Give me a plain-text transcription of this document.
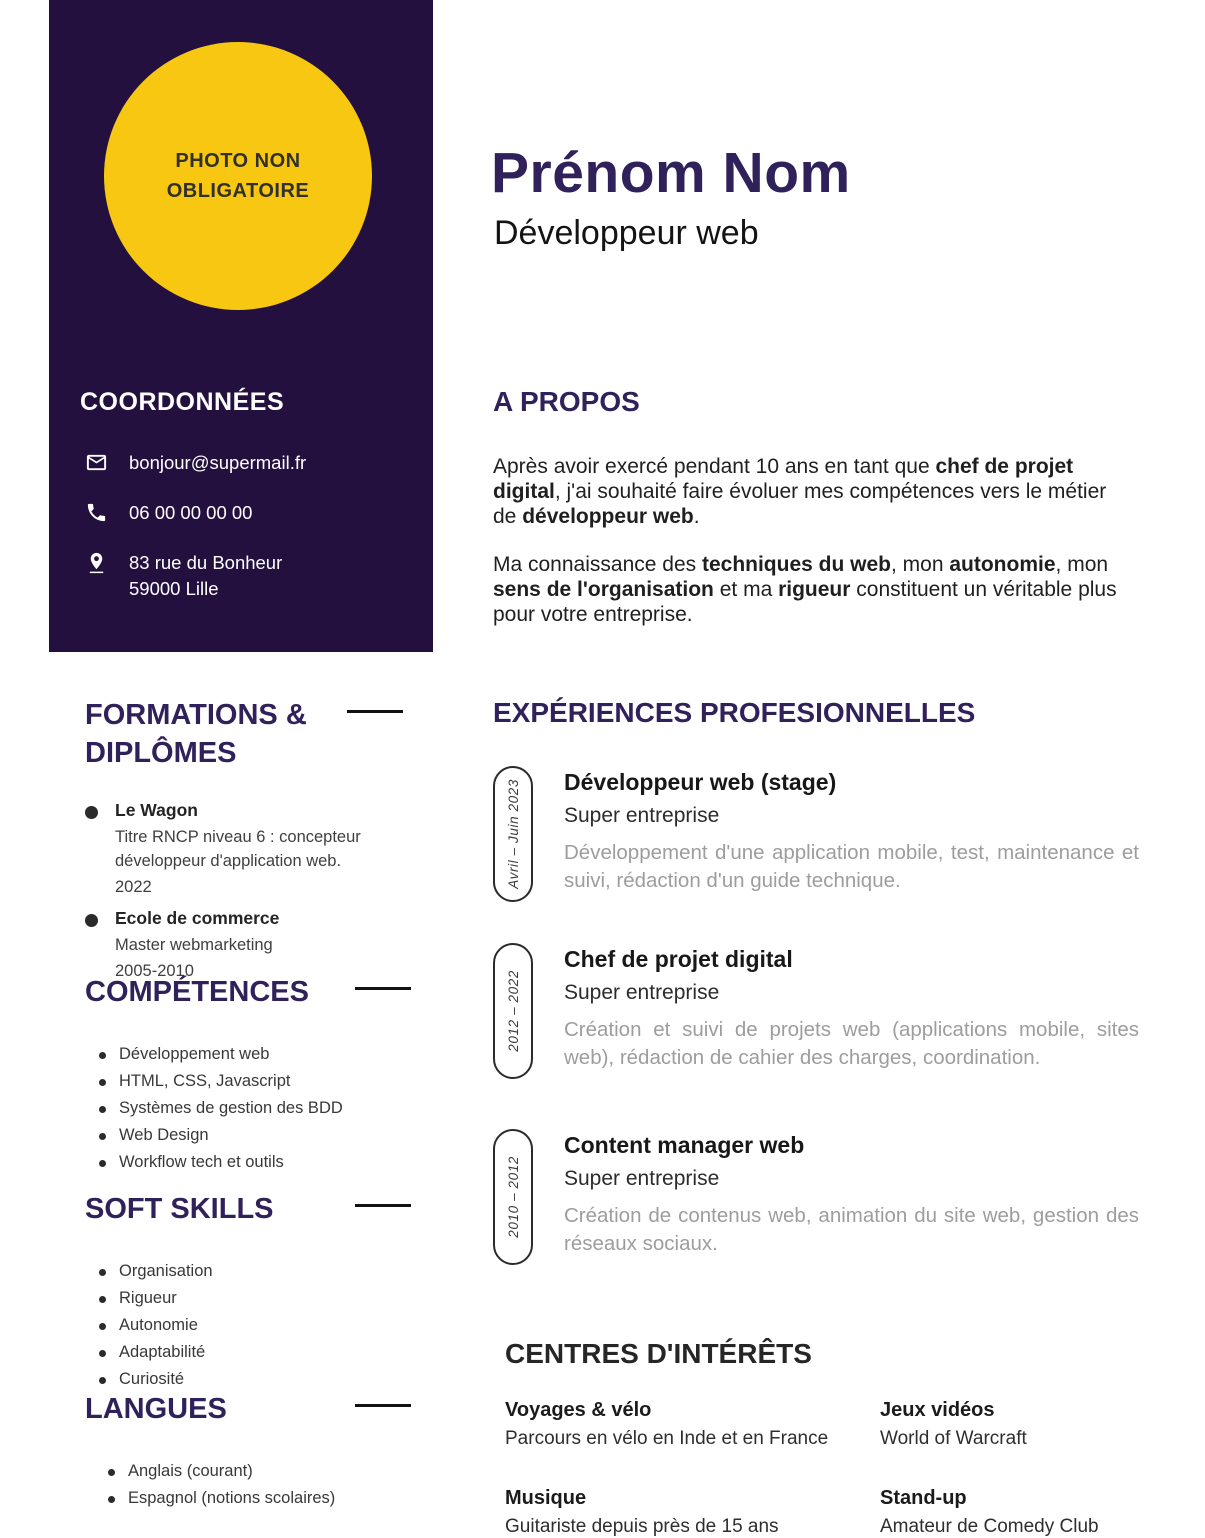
PHOTO NON OBLIGATOIRE
COORDONNÉES
bonjour@supermail.fr
06 00 00 00 00
83 rue du Bonheur
59000 Lille
FORMATIONS &
DIPLÔMES
Le Wagon
Titre RNCP niveau 6 : concepteur développeur d'application web.
2022
Ecole de commerce
Master webmarketing
2005-2010
COMPÉTENCES
Développement web
HTML, CSS, Javascript
Systèmes de gestion des BDD
Web Design
Workflow tech et outils
SOFT SKILLS
Organisation
Rigueur
Autonomie
Adaptabilité
Curiosité
LANGUES
Anglais (courant)
Espagnol (notions scolaires)
Prénom Nom
Développeur web
A PROPOS

Après avoir exercé pendant 10 ans en tant que chef de projet digital, j'ai souhaité faire évoluer mes compétences vers le métier de développeur web.

Ma connaissance des techniques du web, mon autonomie, mon sens de l'organisation et ma rigueur constituent un véritable plus pour votre entreprise.

EXPÉRIENCES PROFESIONNELLES
Avril – Juin 2023 Développeur web (stage)
Super entreprise
Développement d'une application mobile, test, maintenance et suivi, rédaction d'un guide technique.
2012 – 2022
Chef de projet digital
Super entreprise
Création et suivi de projets web (applications mobile, sites web), rédaction de cahier des charges, coordination.
2010 – 2012
Content manager web
Super entreprise
Création de contenus web, animation du site web, gestion des réseaux sociaux.
CENTRES D'INTÉRÊTS
Voyages & vélo
Parcours en vélo en Inde et en France
Jeux vidéos
World of Warcraft
Musique
Guitariste depuis près de 15 ans
Stand-up
Amateur de Comedy Club
